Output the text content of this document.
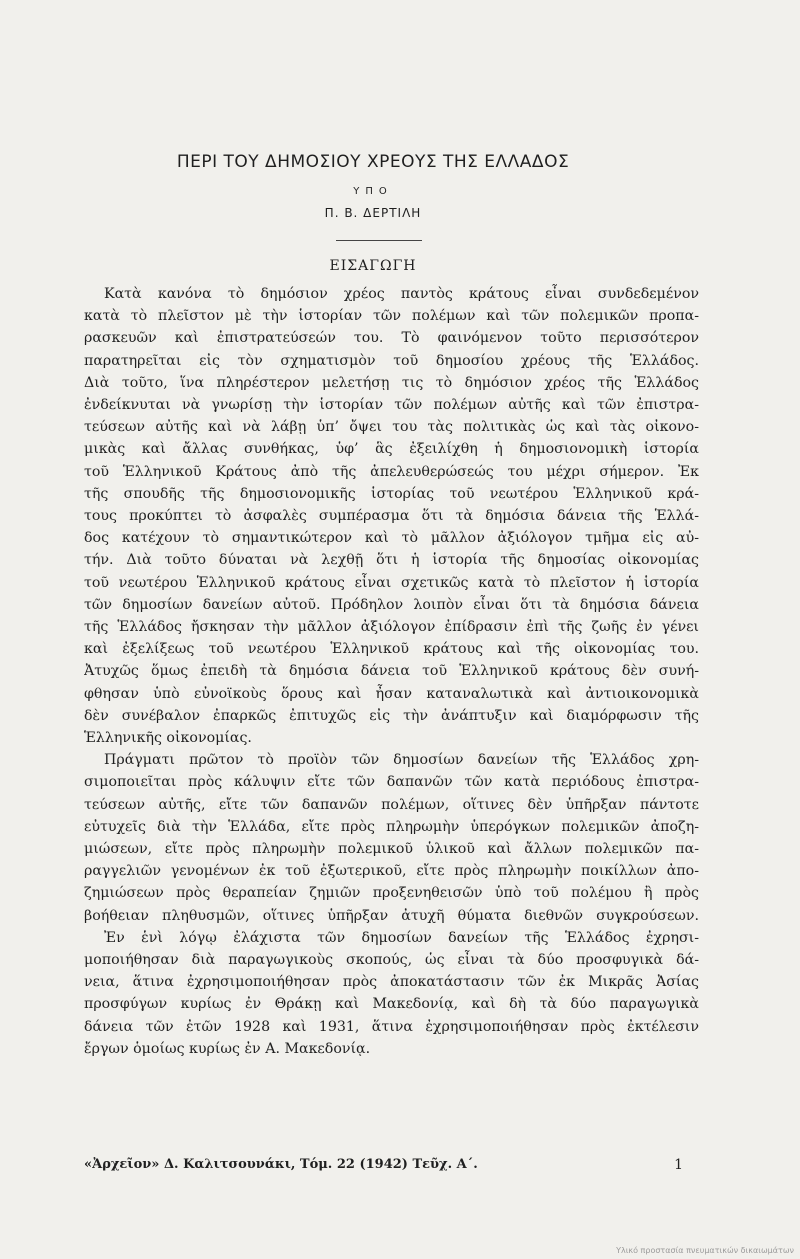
ΠΕΡΙ ΤΟΥ ΔΗΜΟΣΙΟΥ ΧΡΕΟΥΣ ΤΗΣ ΕΛΛΑΔΟΣ
ΥΠΟ
Π. Β. ΔΕΡΤΙΛΗ
ΕΙΣΑΓΩΓΗ
Κατὰ κανόνα τὸ δημόσιον χρέος παντὸς κράτους εἶναι συνδεδεμένον
κατὰ τὸ πλεῖστον μὲ τὴν ἱστορίαν τῶν πολέμων καὶ τῶν πολεμικῶν προπα-
ρασκευῶν καὶ ἐπιστρατεύσεών του. Τὸ φαινόμενον τοῦτο περισσότερον
παρατηρεῖται εἰς τὸν σχηματισμὸν τοῦ δημοσίου χρέους τῆς Ἑλλάδος.
Διὰ τοῦτο, ἵνα πληρέστερον μελετήσῃ τις τὸ δημόσιον χρέος τῆς Ἑλλάδος
ἐνδείκνυται νὰ γνωρίσῃ τὴν ἱστορίαν τῶν πολέμων αὐτῆς καὶ τῶν ἐπιστρα-
τεύσεων αὐτῆς καὶ νὰ λάβῃ ὑπ’ ὄψει του τὰς πολιτικὰς ὡς καὶ τὰς οἰκονο-
μικὰς καὶ ἄλλας συνθήκας, ὑφ’ ἃς ἐξειλίχθη ἡ δημοσιονομικὴ ἱστορία
τοῦ Ἑλληνικοῦ Κράτους ἀπὸ τῆς ἀπελευθερώσεώς του μέχρι σήμερον. Ἐκ
τῆς σπουδῆς τῆς δημοσιονομικῆς ἱστορίας τοῦ νεωτέρου Ἑλληνικοῦ κρά-
τους προκύπτει τὸ ἀσφαλὲς συμπέρασμα ὅτι τὰ δημόσια δάνεια τῆς Ἑλλά-
δος κατέχουν τὸ σημαντικώτερον καὶ τὸ μᾶλλον ἀξιόλογον τμῆμα εἰς αὐ-
τήν. Διὰ τοῦτο δύναται νὰ λεχθῇ ὅτι ἡ ἱστορία τῆς δημοσίας οἰκονομίας
τοῦ νεωτέρου Ἑλληνικοῦ κράτους εἶναι σχετικῶς κατὰ τὸ πλεῖστον ἡ ἱστορία
τῶν δημοσίων δανείων αὐτοῦ. Πρόδηλον λοιπὸν εἶναι ὅτι τὰ δημόσια δάνεια
τῆς Ἑλλάδος ἤσκησαν τὴν μᾶλλον ἀξιόλογον ἐπίδρασιν ἐπὶ τῆς ζωῆς ἐν γένει
καὶ ἐξελίξεως τοῦ νεωτέρου Ἑλληνικοῦ κράτους καὶ τῆς οἰκονομίας του.
Ἀτυχῶς ὅμως ἐπειδὴ τὰ δημόσια δάνεια τοῦ Ἑλληνικοῦ κράτους δὲν συνή-
φθησαν ὑπὸ εὐνοϊκοὺς ὅρους καὶ ἦσαν καταναλωτικὰ καὶ ἀντιοικονομικὰ
δὲν συνέβαλον ἐπαρκῶς ἐπιτυχῶς εἰς τὴν ἀνάπτυξιν καὶ διαμόρφωσιν τῆς
Ἑλληνικῆς οἰκονομίας.
Πράγματι πρῶτον τὸ προϊὸν τῶν δημοσίων δανείων τῆς Ἑλλάδος χρη-
σιμοποιεῖται πρὸς κάλυψιν εἴτε τῶν δαπανῶν τῶν κατὰ περιόδους ἐπιστρα-
τεύσεων αὐτῆς, εἴτε τῶν δαπανῶν πολέμων, οἵτινες δὲν ὑπῆρξαν πάντοτε
εὐτυχεῖς διὰ τὴν Ἑλλάδα, εἴτε πρὸς πληρωμὴν ὑπερόγκων πολεμικῶν ἀποζη-
μιώσεων, εἴτε πρὸς πληρωμὴν πολεμικοῦ ὑλικοῦ καὶ ἄλλων πολεμικῶν πα-
ραγγελιῶν γενομένων ἐκ τοῦ ἐξωτερικοῦ, εἴτε πρὸς πληρωμὴν ποικίλλων ἀπο-
ζημιώσεων πρὸς θεραπείαν ζημιῶν προξενηθεισῶν ὑπὸ τοῦ πολέμου ἢ πρὸς
βοήθειαν πληθυσμῶν, οἵτινες ὑπῆρξαν ἀτυχῆ θύματα διεθνῶν συγκρούσεων.
Ἐν ἑνὶ λόγῳ ἐλάχιστα τῶν δημοσίων δανείων τῆς Ἑλλάδος ἐχρησι-
μοποιήθησαν διὰ παραγωγικοὺς σκοπούς, ὡς εἶναι τὰ δύο προσφυγικὰ δά-
νεια, ἅτινα ἐχρησιμοποιήθησαν πρὸς ἀποκατάστασιν τῶν ἐκ Μικρᾶς Ἀσίας
προσφύγων κυρίως ἐν Θράκῃ καὶ Μακεδονίᾳ, καὶ δὴ τὰ δύο παραγωγικὰ
δάνεια τῶν ἐτῶν 1928 καὶ 1931, ἅτινα ἐχρησιμοποιήθησαν πρὸς ἐκτέλεσιν
ἔργων ὁμοίως κυρίως ἐν Α. Μακεδονίᾳ.
«Ἀρχεῖον» Δ. Καλιτσουνάκι, Τόμ. 22 (1942) Τεῦχ. Α΄.	1
Υλικό προστασία πνευματικών δικαιωμάτων
